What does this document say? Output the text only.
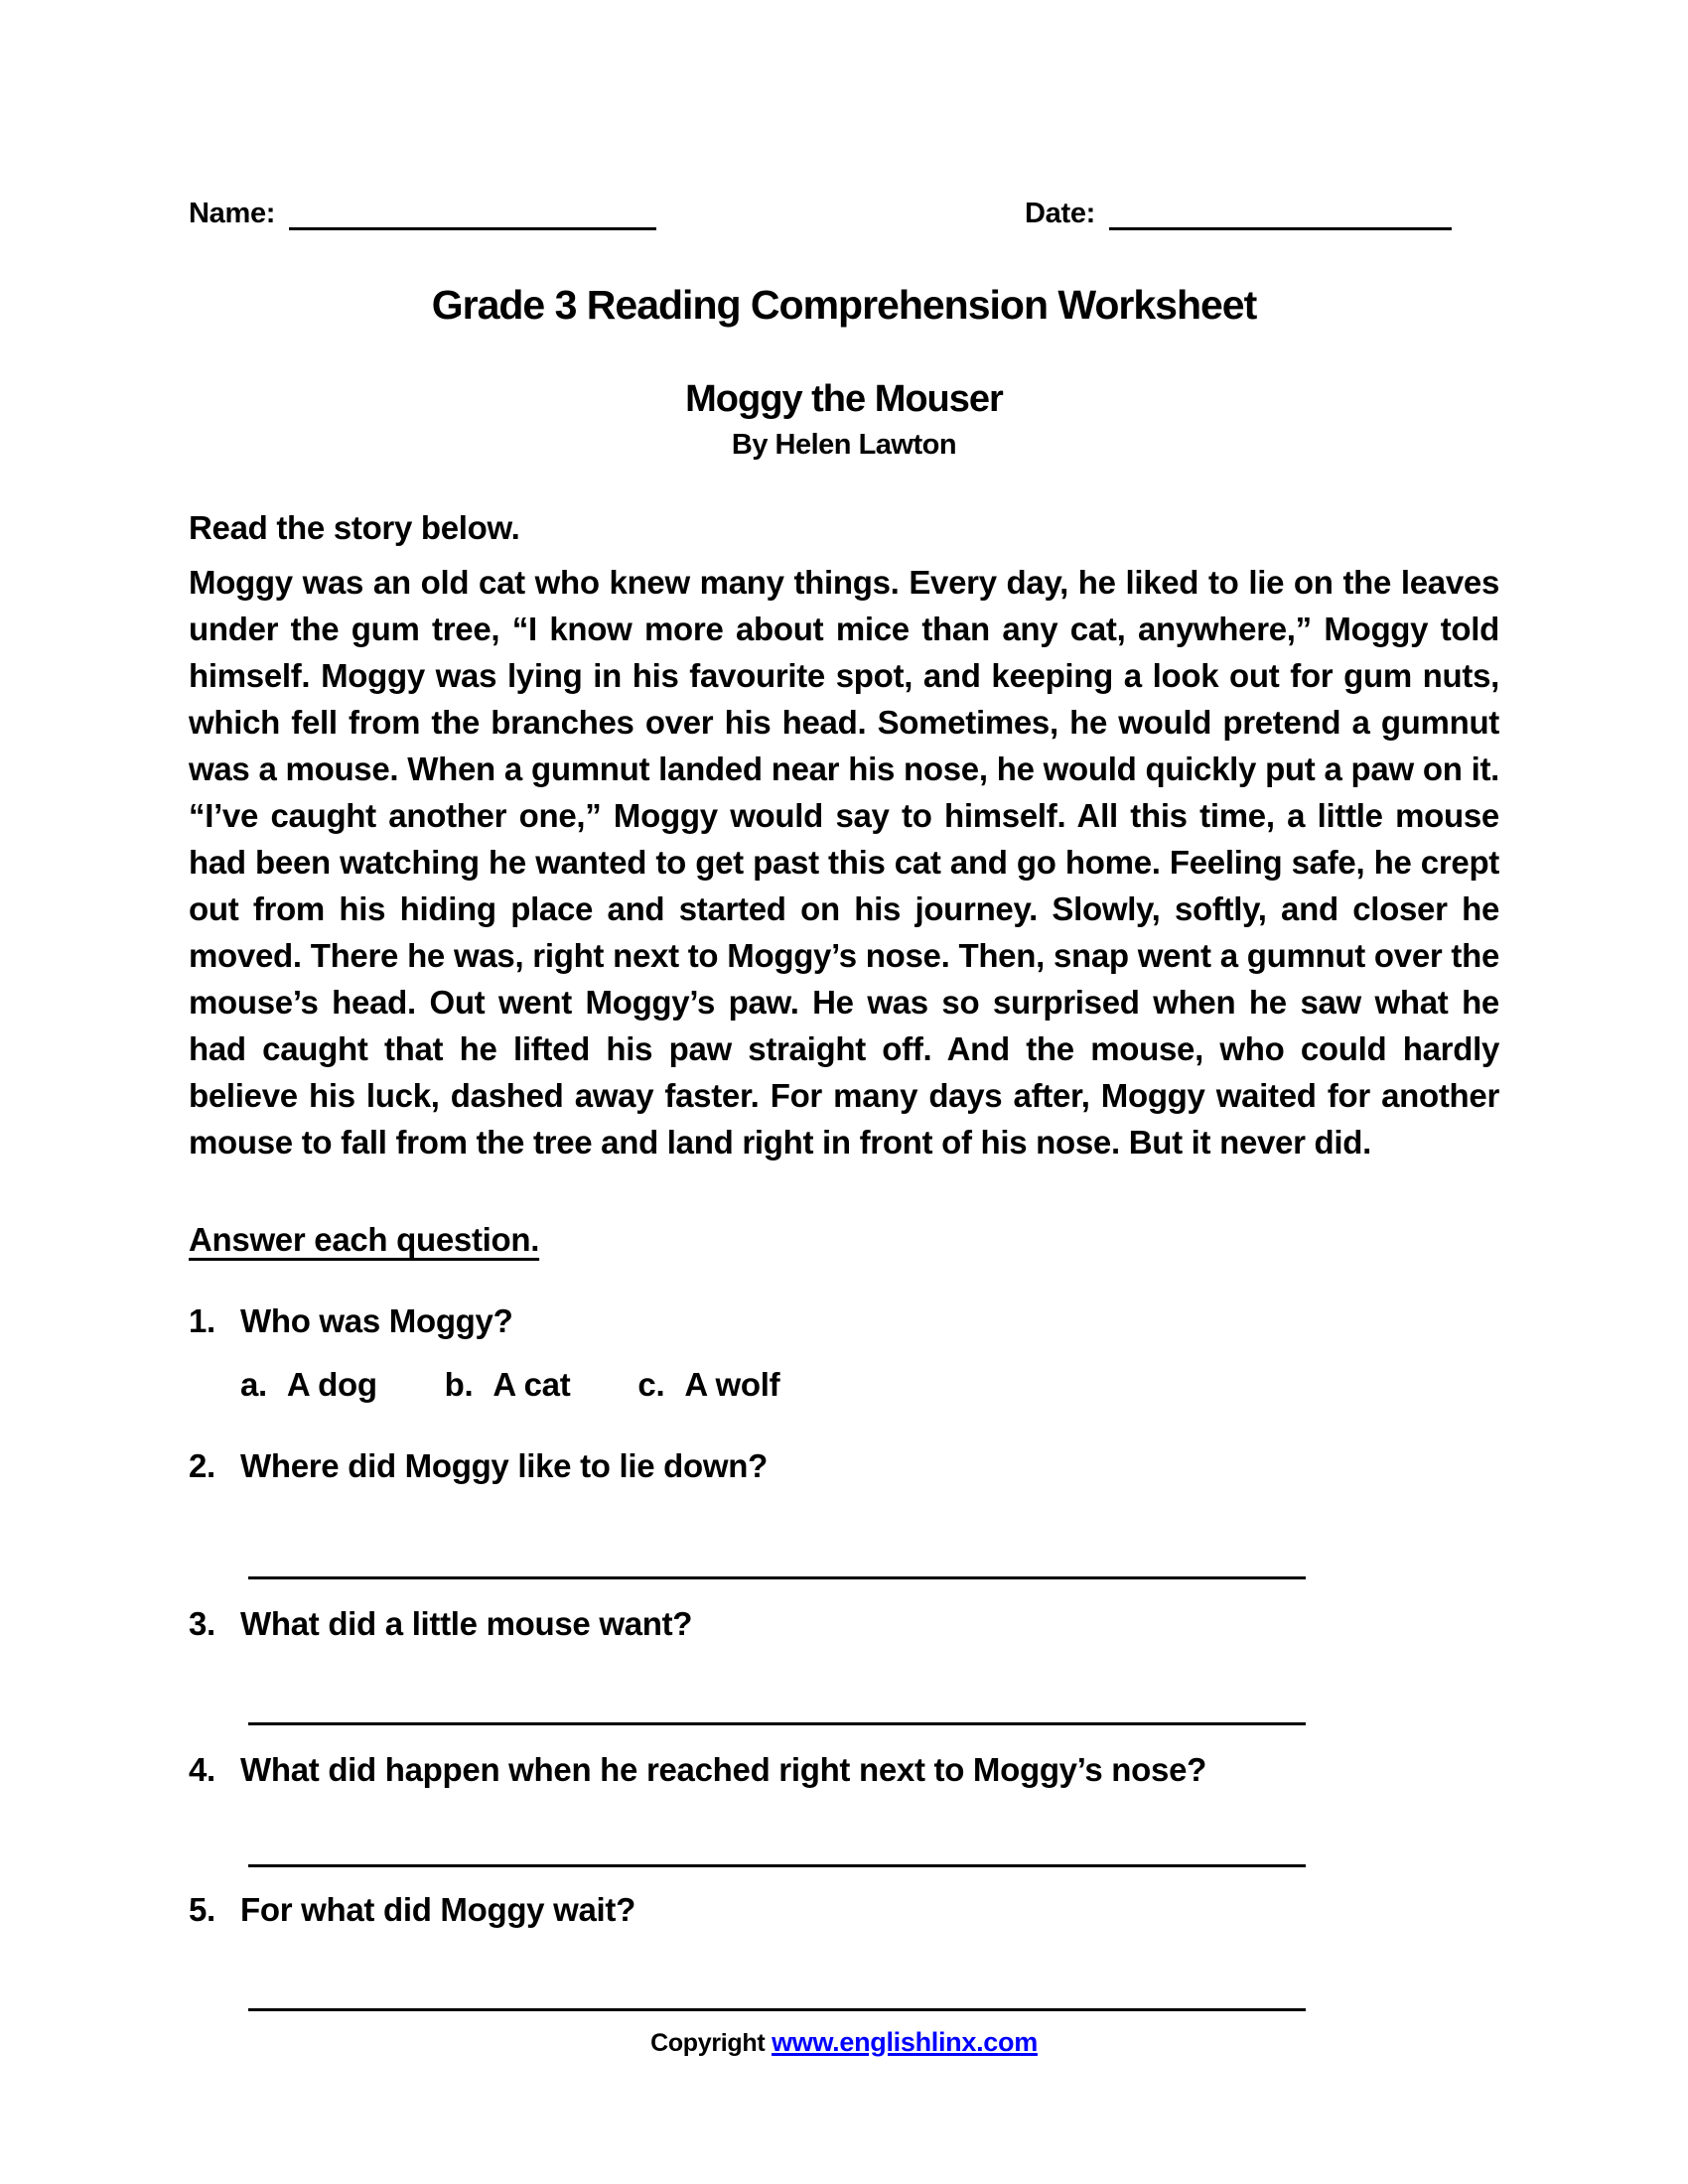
Name:	Date:
Grade 3 Reading Comprehension Worksheet
Moggy the Mouser
By Helen Lawton
Read the story below.
Moggy was an old cat who knew many things. Every day, he liked to lie on the leaves under the gum tree, “I know more about mice than any cat, anywhere,” Moggy told himself. Moggy was lying in his favourite spot, and keeping a look out for gum nuts, which fell from the branches over his head. Sometimes, he would pretend a gumnut was a mouse. When a gumnut landed near his nose, he would quickly put a paw on it. “I’ve caught another one,” Moggy would say to himself. All this time, a little mouse had been watching he wanted to get past this cat and go home. Feeling safe, he crept out from his hiding place and started on his journey. Slowly, softly, and closer he moved. There he was, right next to Moggy’s nose. Then, snap went a gumnut over the mouse’s head. Out went Moggy’s paw. He was so surprised when he saw what he had caught that he lifted his paw straight off. And the mouse, who could hardly believe his luck, dashed away faster. For many days after, Moggy waited for another mouse to fall from the tree and land right in front of his nose. But it never did.
Answer each question.
1. Who was Moggy?
a. A dog b. A cat c. A wolf
2. Where did Moggy like to lie down?
3. What did a little mouse want?
4. What did happen when he reached right next to Moggy’s nose?
5. For what did Moggy wait?
Copyright www.englishlinx.com
